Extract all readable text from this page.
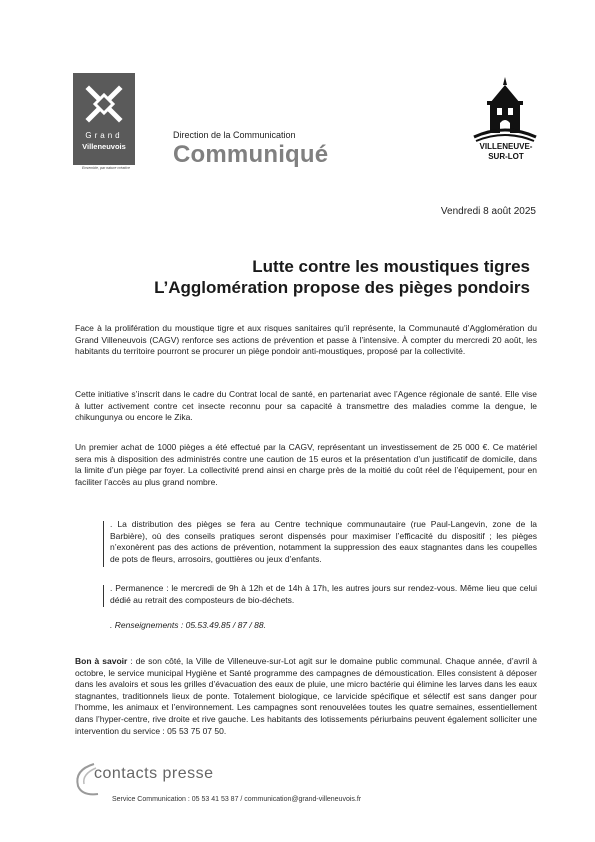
Grand
Villeneuvois
Ensemble, par nature créative
Direction de la Communication
Communiqué	VILLENEUVE-
SUR-LOT
Vendredi 8 août 2025
Lutte contre les moustiques tigres
L’Agglomération propose des pièges pondoirs
Face à la prolifération du moustique tigre et aux risques sanitaires qu’il représente, la Communauté d’Agglomération du Grand Villeneuvois (CAGV) renforce ses actions de prévention et passe à l’intensive. À compter du mercredi 20 août, les habitants du territoire pourront se procurer un piège pondoir anti-moustiques, proposé par la collectivité.
Cette initiative s’inscrit dans le cadre du Contrat local de santé, en partenariat avec l’Agence régionale de santé. Elle vise à lutter activement contre cet insecte reconnu pour sa capacité à transmettre des maladies comme la dengue, le chikungunya ou encore le Zika.
Un premier achat de 1000 pièges a été effectué par la CAGV, représentant un investissement de 25 000 €. Ce matériel sera mis à disposition des administrés contre une caution de 15 euros et la présentation d’un justificatif de domicile, dans la limite d’un piège par foyer. La collectivité prend ainsi en charge près de la moitié du coût réel de l’équipement, pour en faciliter l’accès au plus grand nombre.
. La distribution des pièges se fera au Centre technique communautaire (rue Paul-Langevin, zone de la Barbière), où des conseils pratiques seront dispensés pour maximiser l’efficacité du dispositif ; les pièges n’exonèrent pas des actions de prévention, notamment la suppression des eaux stagnantes dans les coupelles de pots de fleurs, arrosoirs, gouttières ou jeux d’enfants.
. Permanence : le mercredi de 9h à 12h et de 14h à 17h, les autres jours sur rendez-vous. Même lieu que celui dédié au retrait des composteurs de bio-déchets.
. Renseignements : 05.53.49.85 / 87 / 88.
Bon à savoir : de son côté, la Ville de Villeneuve-sur-Lot agit sur le domaine public communal. Chaque année, d’avril à octobre, le service municipal Hygiène et Santé programme des campagnes de démoustication. Elles consistent à déposer dans les avaloirs et sous les grilles d’évacuation des eaux de pluie, une micro bactérie qui élimine les larves dans les eaux stagnantes, traditionnels lieux de ponte. Totalement biologique, ce larvicide spécifique et sélectif est sans danger pour l’homme, les animaux et l’environnement. Les campagnes sont renouvelées toutes les quatre semaines, essentiellement dans l’hyper-centre, rive droite et rive gauche. Les habitants des lotissements périurbains peuvent également solliciter une intervention du service : 05 53 75 07 50.
contacts presse
Service Communication : 05 53 41 53 87 / communication@grand-villeneuvois.fr
